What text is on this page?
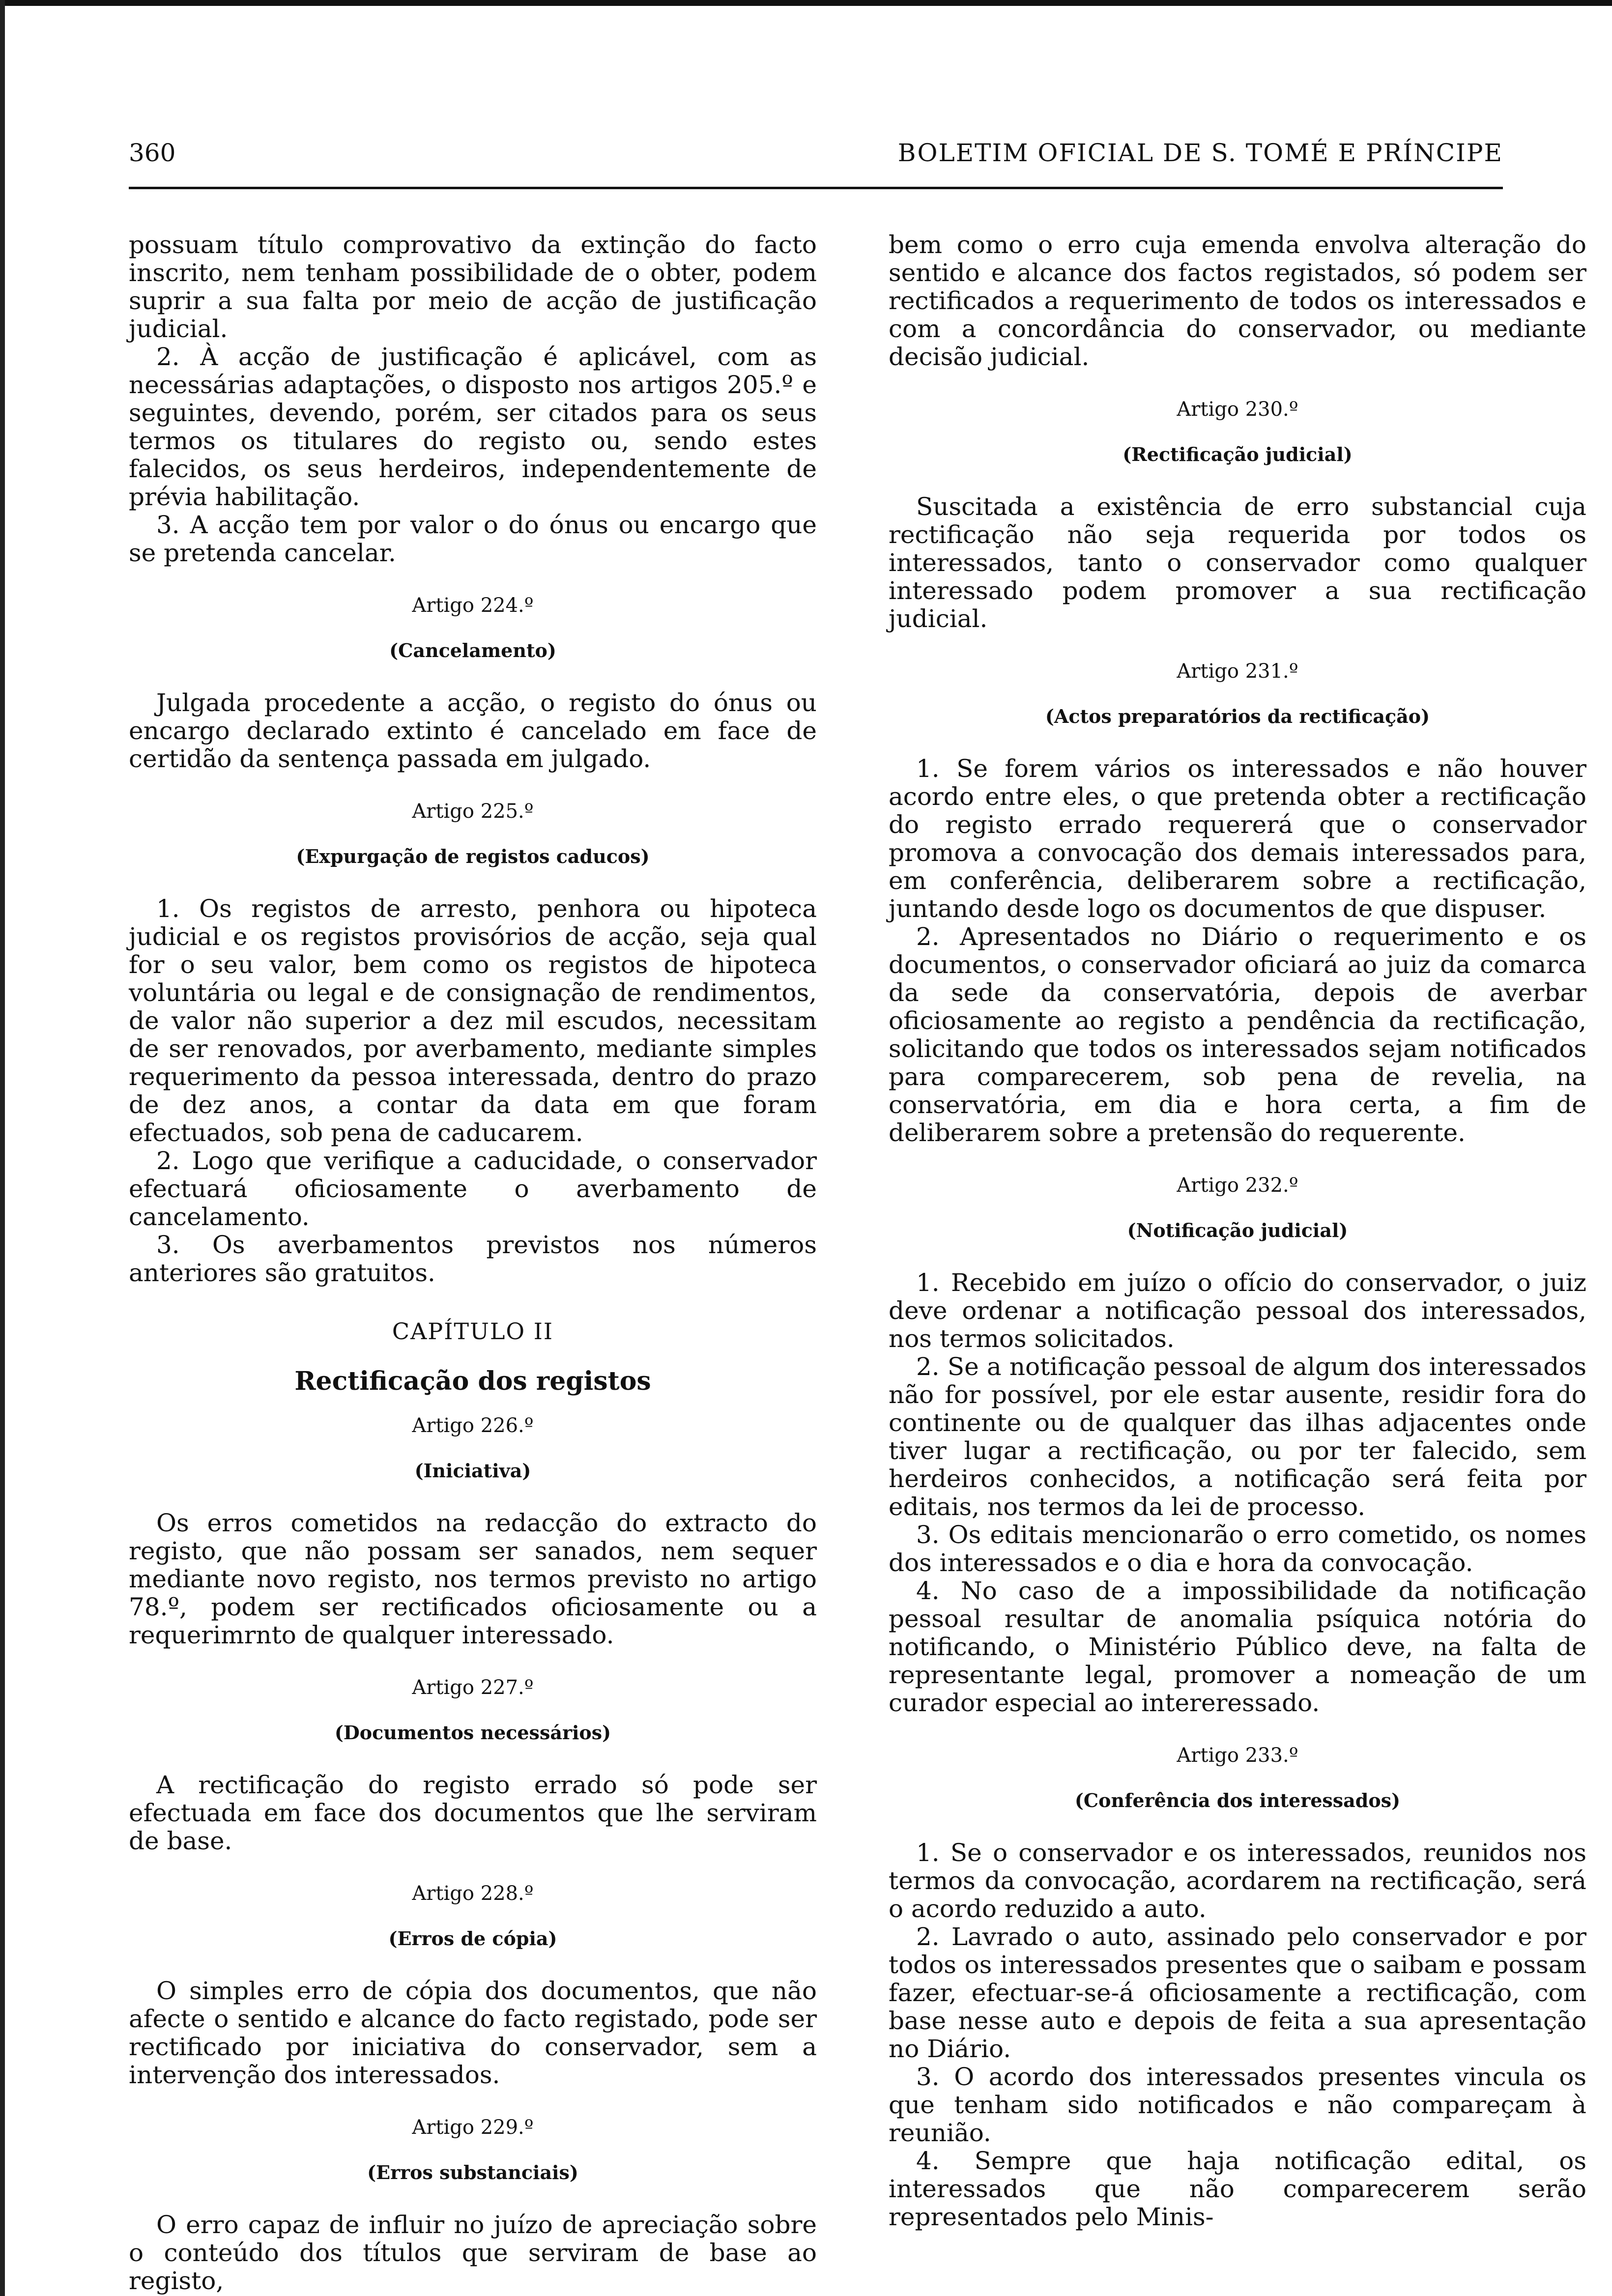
360	BOLETIM OFICIAL DE S. TOMÉ E PRÍNCIPE

possuam título comprovativo da extinção do facto inscrito, nem tenham possibilidade de o obter, podem suprir a sua falta por meio de acção de justificação judicial.

2. À acção de justificação é aplicável, com as necessárias adaptações, o disposto nos artigos 205.º e seguintes, devendo, porém, ser citados para os seus termos os titulares do registo ou, sendo estes falecidos, os seus herdeiros, independentemente de prévia habilitação.

3. A acção tem por valor o do ónus ou encargo que se pretenda cancelar.

Artigo 224.º
(Cancelamento)

Julgada procedente a acção, o registo do ónus ou encargo declarado extinto é cancelado em face de certidão da sentença passada em julgado.

Artigo 225.º
(Expurgação de registos caducos)

1. Os registos de arresto, penhora ou hipoteca judicial e os registos provisórios de acção, seja qual for o seu valor, bem como os registos de hipoteca voluntária ou legal e de consignação de rendimentos, de valor não superior a dez mil escudos, necessitam de ser renovados, por averbamento, mediante simples requerimento da pessoa interessada, dentro do prazo de dez anos, a contar da data em que foram efectuados, sob pena de caducarem.

2. Logo que verifique a caducidade, o conservador efectuará oficiosamente o averbamento de cancelamento.

3. Os averbamentos previstos nos números anteriores são gratuitos.

CAPÍTULO II
Rectificação dos registos
Artigo 226.º
(Iniciativa)

Os erros cometidos na redacção do extracto do registo, que não possam ser sanados, nem sequer mediante novo registo, nos termos previsto no artigo 78.º, podem ser rectificados oficiosamente ou a requerimrnto de qualquer interessado.

Artigo 227.º
(Documentos necessários)

A rectificação do registo errado só pode ser efectuada em face dos documentos que lhe serviram de base.

Artigo 228.º
(Erros de cópia)

O simples erro de cópia dos documentos, que não afecte o sentido e alcance do facto registado, pode ser rectificado por iniciativa do conservador, sem a intervenção dos interessados.

Artigo 229.º
(Erros substanciais)

O erro capaz de influir no juízo de apreciação sobre o conteúdo dos títulos que serviram de base ao registo,

bem como o erro cuja emenda envolva alteração do sentido e alcance dos factos registados, só podem ser rectificados a requerimento de todos os interessados e com a concordância do conservador, ou mediante decisão judicial.

Artigo 230.º
(Rectificação judicial)

Suscitada a existência de erro substancial cuja rectificação não seja requerida por todos os interessados, tanto o conservador como qualquer interessado podem promover a sua rectificação judicial.

Artigo 231.º
(Actos preparatórios da rectificação)

1. Se forem vários os interessados e não houver acordo entre eles, o que pretenda obter a rectificação do registo errado requererá que o conservador promova a convocação dos demais interessados para, em conferência, deliberarem sobre a rectificação, juntando desde logo os documentos de que dispuser.

2. Apresentados no Diário o requerimento e os documentos, o conservador oficiará ao juiz da comarca da sede da conservatória, depois de averbar oficiosamente ao registo a pendência da rectificação, solicitando que todos os interessados sejam notificados para comparecerem, sob pena de revelia, na conservatória, em dia e hora certa, a fim de deliberarem sobre a pretensão do requerente.

Artigo 232.º
(Notificação judicial)

1. Recebido em juízo o ofício do conservador, o juiz deve ordenar a notificação pessoal dos interessados, nos termos solicitados.

2. Se a notificação pessoal de algum dos interessados não for possível, por ele estar ausente, residir fora do continente ou de qualquer das ilhas adjacentes onde tiver lugar a rectificação, ou por ter falecido, sem herdeiros conhecidos, a notificação será feita por editais, nos termos da lei de processo.

3. Os editais mencionarão o erro cometido, os nomes dos interessados e o dia e hora da convocação.

4. No caso de a impossibilidade da notificação pessoal resultar de anomalia psíquica notória do notificando, o Ministério Público deve, na falta de representante legal, promover a nomeação de um curador especial ao intereressado.

Artigo 233.º
(Conferência dos interessados)

1. Se o conservador e os interessados, reunidos nos termos da convocação, acordarem na rectificação, será o acordo reduzido a auto.

2. Lavrado o auto, assinado pelo conservador e por todos os interessados presentes que o saibam e possam fazer, efectuar-se-á oficiosamente a rectificação, com base nesse auto e depois de feita a sua apresentação no Diário.

3. O acordo dos interessados presentes vincula os que tenham sido notificados e não compareçam à reunião.

4. Sempre que haja notificação edital, os interessados que não comparecerem serão representados pelo Minis-
